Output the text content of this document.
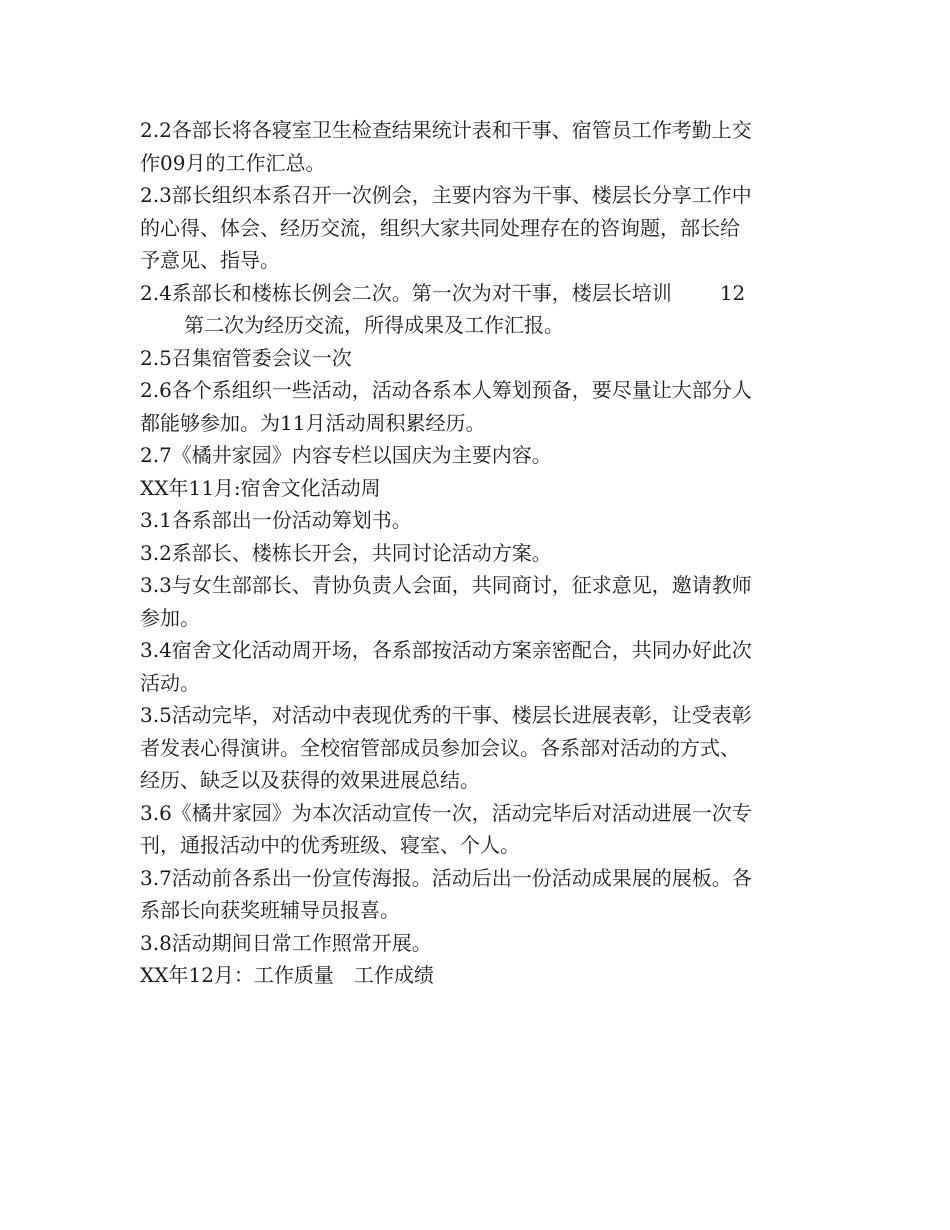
2.2各部长将各寝室卫生检查结果统计表和干事、宿管员工作考勤上交
作09月的工作汇总。
2.3部长组织本系召开一次例会，主要内容为干事、楼层长分享工作中
的心得、体会、经历交流，组织大家共同处理存在的咨询题，部长给
予意见、指导。
2.4系部长和楼栋长例会二次。第一次为对干事，楼层长培训 12
第二次为经历交流，所得成果及工作汇报。
2.5召集宿管委会议一次
2.6各个系组织一些活动，活动各系本人筹划预备，要尽量让大部分人
都能够参加。为11月活动周积累经历。
2.7《橘井家园》内容专栏以国庆为主要内容。
XX年11月:宿舍文化活动周
3.1各系部出一份活动筹划书。
3.2系部长、楼栋长开会，共同讨论活动方案。
3.3与女生部部长、青协负责人会面，共同商讨，征求意见，邀请教师
参加。
3.4宿舍文化活动周开场，各系部按活动方案亲密配合，共同办好此次
活动。
3.5活动完毕，对活动中表现优秀的干事、楼层长进展表彰，让受表彰
者发表心得演讲。全校宿管部成员参加会议。各系部对活动的方式、
经历、缺乏以及获得的效果进展总结。
3.6《橘井家园》为本次活动宣传一次，活动完毕后对活动进展一次专
刊，通报活动中的优秀班级、寝室、个人。
3.7活动前各系出一份宣传海报。活动后出一份活动成果展的展板。各
系部长向获奖班辅导员报喜。
3.8活动期间日常工作照常开展。
XX年12月：工作质量　工作成绩
